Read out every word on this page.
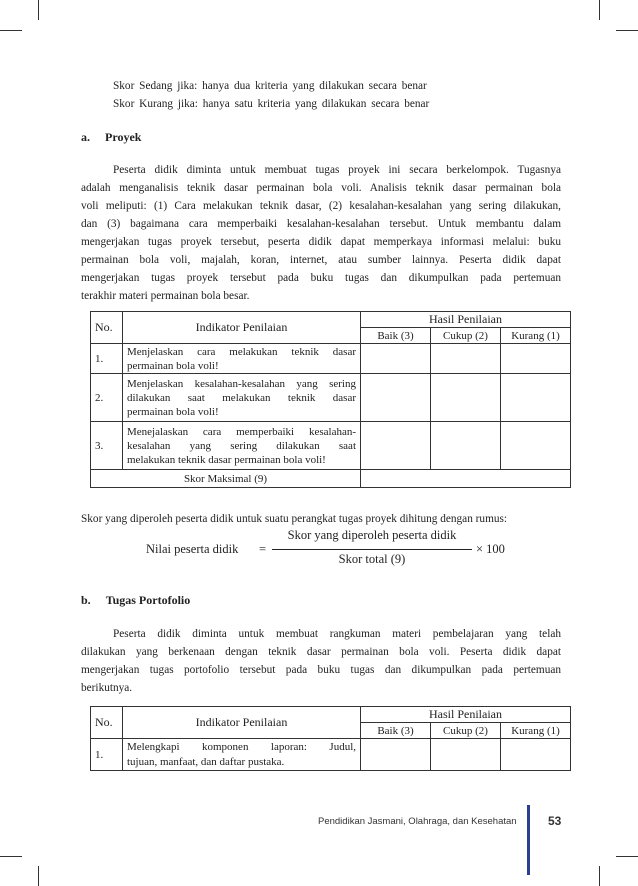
Skor Sedang jika: hanya dua kriteria yang dilakukan secara benar

Skor Kurang jika: hanya satu kriteria yang dilakukan secara benar

a. Proyek

Peserta didik diminta untuk membuat tugas proyek ini secara berkelompok. Tugasnya

adalah menganalisis teknik dasar permainan bola voli. Analisis teknik dasar permainan bola

voli meliputi: (1) Cara melakukan teknik dasar, (2) kesalahan-kesalahan yang sering dilakukan,

dan (3) bagaimana cara memperbaiki kesalahan-kesalahan tersebut. Untuk membantu dalam

mengerjakan tugas proyek tersebut, peserta didik dapat memperkaya informasi melalui: buku

permainan bola voli, majalah, koran, internet, atau sumber lainnya. Peserta didik dapat

mengerjakan tugas proyek tersebut pada buku tugas dan dikumpulkan pada pertemuan

terakhir materi permainan bola besar.

No.	Indikator Penilaian	Hasil Penilaian		
		Baik (3)	Cukup (2)	Kurang (1)
1.	Menjelaskan cara melakukan teknik dasar
permainan bola voli!			

2.	Menjelaskan kesalahan-kesalahan yang sering
dilakukan saat melakukan teknik dasar
permainan bola voli!			

3.	Menejalaskan cara memperbaiki kesalahan-
kesalahan yang sering dilakukan saat
melakukan teknik dasar permainan bola voli!			

Skor Maksimal (9)				

Skor yang diperoleh peserta didik untuk suatu perangkat tugas proyek dihitung dengan rumus:

Nilai peserta didik =
Skor yang diperoleh peserta didik
Skor total (9)
× 100
b. Tugas Portofolio

Peserta didik diminta untuk membuat rangkuman materi pembelajaran yang telah

dilakukan yang berkenaan dengan teknik dasar permainan bola voli. Peserta didik dapat

mengerjakan tugas portofolio tersebut pada buku tugas dan dikumpulkan pada pertemuan

berikutnya.

No.	Indikator Penilaian	Hasil Penilaian		
		Baik (3)	Cukup (2)	Kurang (1)
1.	Melengkapi komponen laporan: Judul,
tujuan, manfaat, dan daftar pustaka.			

Pendidikan Jasmani, Olahraga, dan Kesehatan	53
